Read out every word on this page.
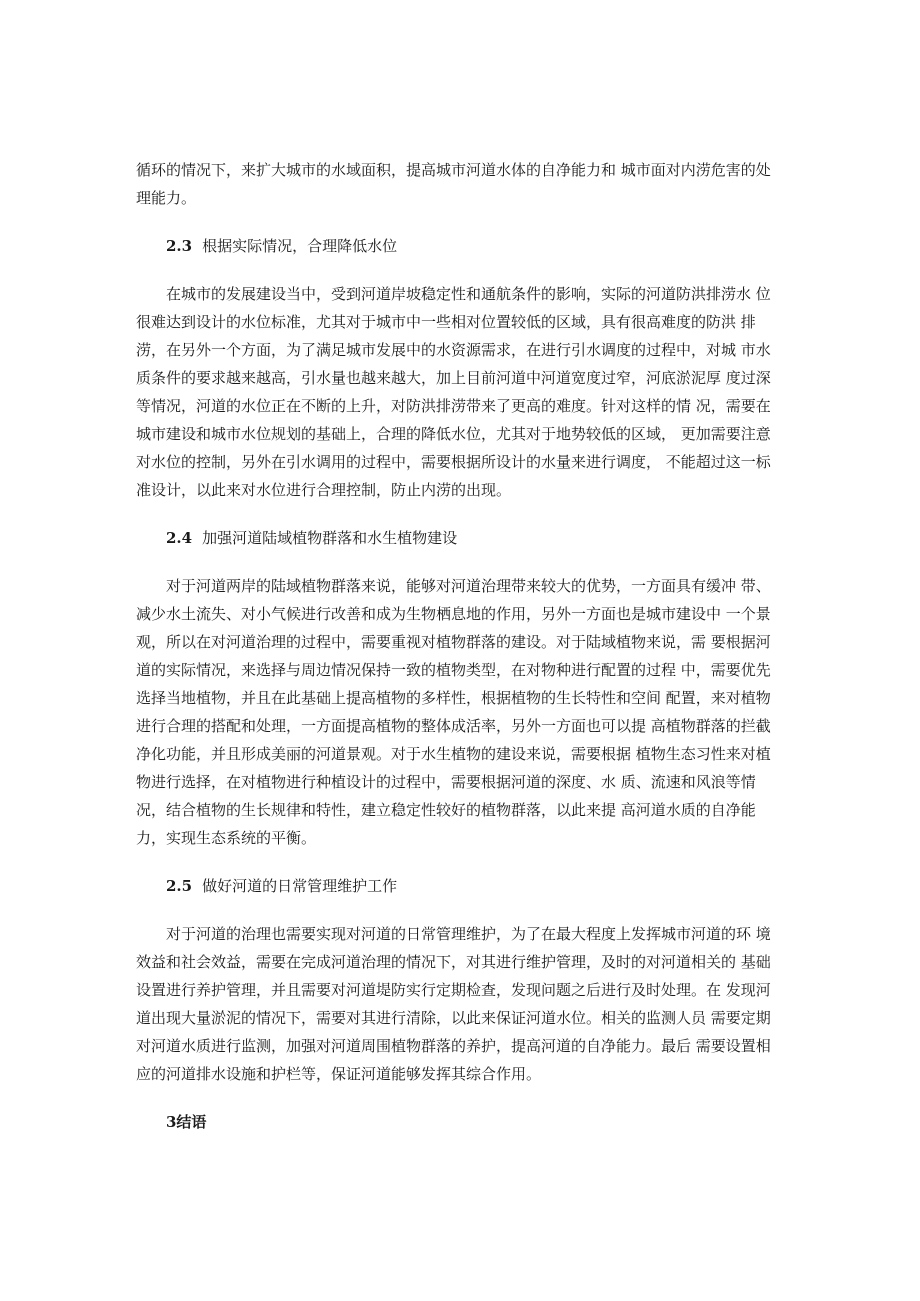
循环的情况下，来扩大城市的水域面积，提高城市河道水体的自净能力和 城市面对内涝危害的处理能力。

2.3 根据实际情况，合理降低水位

在城市的发展建设当中，受到河道岸坡稳定性和通航条件的影响，实际的河道防洪排涝水 位很难达到设计的水位标准，尤其对于城市中一些相对位置较低的区域，具有很高难度的防洪 排涝，在另外一个方面，为了满足城市发展中的水资源需求，在进行引水调度的过程中，对城 市水质条件的要求越来越高，引水量也越来越大，加上目前河道中河道宽度过窄，河底淤泥厚 度过深等情况，河道的水位正在不断的上升，对防洪排涝带来了更高的难度。针对这样的情 况，需要在城市建设和城市水位规划的基础上，合理的降低水位，尤其对于地势较低的区域， 更加需要注意对水位的控制，另外在引水调用的过程中，需要根据所设计的水量来进行调度， 不能超过这一标准设计，以此来对水位进行合理控制，防止内涝的出现。

2.4 加强河道陆域植物群落和水生植物建设

对于河道两岸的陆域植物群落来说，能够对河道治理带来较大的优势，一方面具有缓冲 带、减少水土流失、对小气候进行改善和成为生物栖息地的作用，另外一方面也是城市建设中 一个景观，所以在对河道治理的过程中，需要重视对植物群落的建设。对于陆域植物来说，需 要根据河道的实际情况，来选择与周边情况保持一致的植物类型，在对物种进行配置的过程 中，需要优先选择当地植物，并且在此基础上提高植物的多样性，根据植物的生长特性和空间 配置，来对植物进行合理的搭配和处理，一方面提高植物的整体成活率，另外一方面也可以提 高植物群落的拦截净化功能，并且形成美丽的河道景观。对于水生植物的建设来说，需要根据 植物生态习性来对植物进行选择，在对植物进行种植设计的过程中，需要根据河道的深度、水 质、流速和风浪等情况，结合植物的生长规律和特性，建立稳定性较好的植物群落，以此来提 高河道水质的自净能力，实现生态系统的平衡。

2.5 做好河道的日常管理维护工作

对于河道的治理也需要实现对河道的日常管理维护，为了在最大程度上发挥城市河道的环 境效益和社会效益，需要在完成河道治理的情况下，对其进行维护管理，及时的对河道相关的 基础设置进行养护管理，并且需要对河道堤防实行定期检查，发现问题之后进行及时处理。在 发现河道出现大量淤泥的情况下，需要对其进行清除，以此来保证河道水位。相关的监测人员 需要定期对河道水质进行监测，加强对河道周围植物群落的养护，提高河道的自净能力。最后 需要设置相应的河道排水设施和护栏等，保证河道能够发挥其综合作用。

3结语
